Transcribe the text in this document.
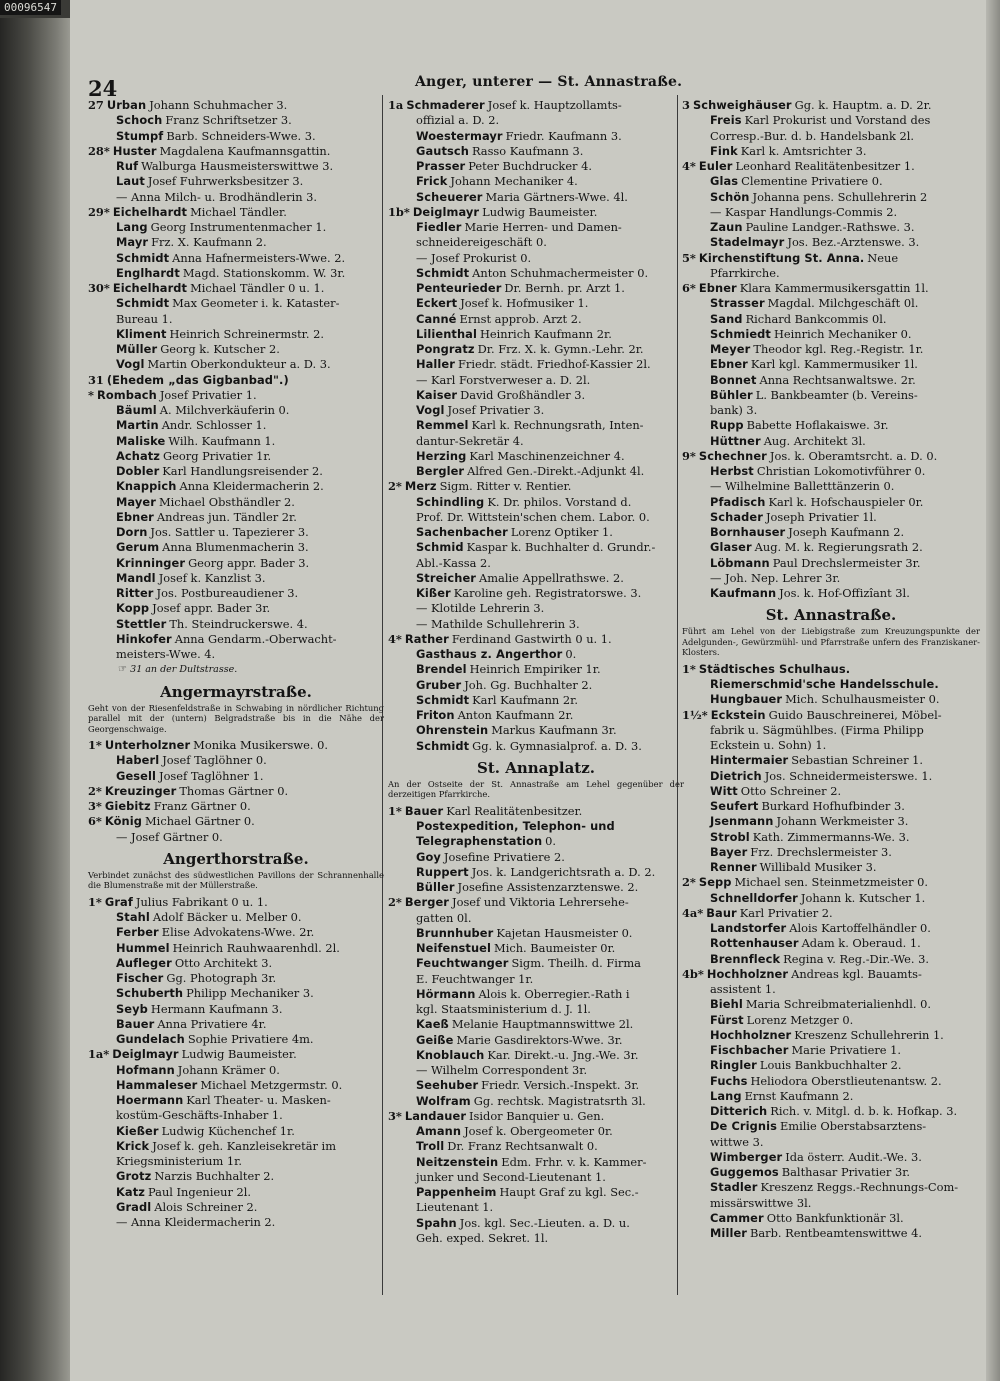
00096547
24	Anger, unterer — St. Annastraße.
27 Urban Johann Schuhmacher 3.
Schoch Franz Schriftsetzer 3.
Stumpf Barb. Schneiders-Wwe. 3.
28* Huster Magdalena Kaufmannsgattin.
Ruf Walburga Hausmeisterswittwe 3.
Laut Josef Fuhrwerksbesitzer 3.
— Anna Milch- u. Brodhändlerin 3.
29* Eichelhardt Michael Tändler.
Lang Georg Instrumentenmacher 1.
Mayr Frz. X. Kaufmann 2.
Schmidt Anna Hafnermeisters-Wwe. 2.
Englhardt Magd. Stationskomm. W. 3r.
30* Eichelhardt Michael Tändler 0 u. 1.
Schmidt Max Geometer i. k. Kataster-
Bureau 1.
Kliment Heinrich Schreinermstr. 2.
Müller Georg k. Kutscher 2.
Vogl Martin Oberkondukteur a. D. 3.
31 (Ehedem „das Gigbanbad".)
* Rombach Josef Privatier 1.
Bäuml A. Milchverkäuferin 0.
Martin Andr. Schlosser 1.
Maliske Wilh. Kaufmann 1.
Achatz Georg Privatier 1r.
Dobler Karl Handlungsreisender 2.
Knappich Anna Kleidermacherin 2.
Mayer Michael Obsthändler 2.
Ebner Andreas jun. Tändler 2r.
Dorn Jos. Sattler u. Tapezierer 3.
Gerum Anna Blumenmacherin 3.
Krinninger Georg appr. Bader 3.
Mandl Josef k. Kanzlist 3.
Ritter Jos. Postbureaudiener 3.
Kopp Josef appr. Bader 3r.
Stettler Th. Steindruckerswe. 4.
Hinkofer Anna Gendarm.-Oberwacht-
meisters-Wwe. 4.
☞ 31 an der Dultstrasse.
Angermayrstraße.
Geht von der Riesenfeldstraße in Schwabing in nördlicher Richtung parallel mit der (untern) Belgradstraße bis in die Nähe der Georgenschwaige.
1* Unterholzner Monika Musikerswe. 0.
Haberl Josef Taglöhner 0.
Gesell Josef Taglöhner 1.
2* Kreuzinger Thomas Gärtner 0.
3* Giebitz Franz Gärtner 0.
6* König Michael Gärtner 0.
— Josef Gärtner 0.
Angerthorstraße.
Verbindet zunächst des südwestlichen Pavillons der Schrannenhalle die Blumenstraße mit der Müllerstraße.
1* Graf Julius Fabrikant 0 u. 1.
Stahl Adolf Bäcker u. Melber 0.
Ferber Elise Advokatens-Wwe. 2r.
Hummel Heinrich Rauhwaarenhdl. 2l.
Aufleger Otto Architekt 3.
Fischer Gg. Photograph 3r.
Schuberth Philipp Mechaniker 3.
Seyb Hermann Kaufmann 3.
Bauer Anna Privatiere 4r.
Gundelach Sophie Privatiere 4m.
1a* Deiglmayr Ludwig Baumeister.
Hofmann Johann Krämer 0.
Hammaleser Michael Metzgermstr. 0.
Hoermann Karl Theater- u. Masken-
kostüm-Geschäfts-Inhaber 1.
Kießer Ludwig Küchenchef 1r.
Krick Josef k. geh. Kanzleisekretär im
Kriegsministerium 1r.
Grotz Narzis Buchhalter 2.
Katz Paul Ingenieur 2l.
Gradl Alois Schreiner 2.
— Anna Kleidermacherin 2.
1a Schmaderer Josef k. Hauptzollamts-
offizial a. D. 2.
Woestermayr Friedr. Kaufmann 3.
Gautsch Rasso Kaufmann 3.
Prasser Peter Buchdrucker 4.
Frick Johann Mechaniker 4.
Scheuerer Maria Gärtners-Wwe. 4l.
1b* Deiglmayr Ludwig Baumeister.
Fiedler Marie Herren- und Damen-
schneidereigeschäft 0.
— Josef Prokurist 0.
Schmidt Anton Schuhmachermeister 0.
Penteurieder Dr. Bernh. pr. Arzt 1.
Eckert Josef k. Hofmusiker 1.
Canné Ernst approb. Arzt 2.
Lilienthal Heinrich Kaufmann 2r.
Pongratz Dr. Frz. X. k. Gymn.-Lehr. 2r.
Haller Friedr. städt. Friedhof-Kassier 2l.
— Karl Forstverweser a. D. 2l.
Kaiser David Großhändler 3.
Vogl Josef Privatier 3.
Remmel Karl k. Rechnungsrath, Inten-
dantur-Sekretär 4.
Herzing Karl Maschinenzeichner 4.
Bergler Alfred Gen.-Direkt.-Adjunkt 4l.
2* Merz Sigm. Ritter v. Rentier.
Schindling K. Dr. philos. Vorstand d.
Prof. Dr. Wittstein'schen chem. Labor. 0.
Sachenbacher Lorenz Optiker 1.
Schmid Kaspar k. Buchhalter d. Grundr.-
Abl.-Kassa 2.
Streicher Amalie Appellrathswe. 2.
Kißer Karoline geh. Registratorswe. 3.
— Klotilde Lehrerin 3.
— Mathilde Schullehrerin 3.
4* Rather Ferdinand Gastwirth 0 u. 1.
Gasthaus z. Angerthor 0.
Brendel Heinrich Empiriker 1r.
Gruber Joh. Gg. Buchhalter 2.
Schmidt Karl Kaufmann 2r.
Friton Anton Kaufmann 2r.
Ohrenstein Markus Kaufmann 3r.
Schmidt Gg. k. Gymnasialprof. a. D. 3.
St. Annaplatz.
An der Ostseite der St. Annastraße am Lehel gegenüber der derzeitigen Pfarrkirche.
1* Bauer Karl Realitätenbesitzer.
Postexpedition, Telephon- und
Telegraphenstation 0.
Goy Josefine Privatiere 2.
Ruppert Jos. k. Landgerichtsrath a. D. 2.
Büller Josefine Assistenzarztenswe. 2.
2* Berger Josef und Viktoria Lehrersehe-
gatten 0l.
Brunnhuber Kajetan Hausmeister 0.
Neifenstuel Mich. Baumeister 0r.
Feuchtwanger Sigm. Theilh. d. Firma
E. Feuchtwanger 1r.
Hörmann Alois k. Oberregier.-Rath i
kgl. Staatsministerium d. J. 1l.
Kaeß Melanie Hauptmannswittwe 2l.
Geiße Marie Gasdirektors-Wwe. 3r.
Knoblauch Kar. Direkt.-u. Jng.-We. 3r.
— Wilhelm Correspondent 3r.
Seehuber Friedr. Versich.-Inspekt. 3r.
Wolfram Gg. rechtsk. Magistratsrth 3l.
3* Landauer Isidor Banquier u. Gen.
Amann Josef k. Obergeometer 0r.
Troll Dr. Franz Rechtsanwalt 0.
Neitzenstein Edm. Frhr. v. k. Kammer-
junker und Second-Lieutenant 1.
Pappenheim Haupt Graf zu kgl. Sec.-
Lieutenant 1.
Spahn Jos. kgl. Sec.-Lieuten. a. D. u.
Geh. exped. Sekret. 1l.
3 Schweighäuser Gg. k. Hauptm. a. D. 2r.
Freis Karl Prokurist und Vorstand des
Corresp.-Bur. d. b. Handelsbank 2l.
Fink Karl k. Amtsrichter 3.
4* Euler Leonhard Realitätenbesitzer 1.
Glas Clementine Privatiere 0.
Schön Johanna pens. Schullehrerin 2
— Kaspar Handlungs-Commis 2.
Zaun Pauline Landger.-Rathswe. 3.
Stadelmayr Jos. Bez.-Arztenswe. 3.
5* Kirchenstiftung St. Anna. Neue
Pfarrkirche.
6* Ebner Klara Kammermusikersgattin 1l.
Strasser Magdal. Milchgeschäft 0l.
Sand Richard Bankcommis 0l.
Schmiedt Heinrich Mechaniker 0.
Meyer Theodor kgl. Reg.-Registr. 1r.
Ebner Karl kgl. Kammermusiker 1l.
Bonnet Anna Rechtsanwaltswe. 2r.
Bühler L. Bankbeamter (b. Vereins-
bank) 3.
Rupp Babette Hoflakaiswe. 3r.
Hüttner Aug. Architekt 3l.
9* Schechner Jos. k. Oberamtsrcht. a. D. 0.
Herbst Christian Lokomotivführer 0.
— Wilhelmine Balletttänzerin 0.
Pfadisch Karl k. Hofschauspieler 0r.
Schader Joseph Privatier 1l.
Bornhauser Joseph Kaufmann 2.
Glaser Aug. M. k. Regierungsrath 2.
Löbmann Paul Drechslermeister 3r.
— Joh. Nep. Lehrer 3r.
Kaufmann Jos. k. Hof-Offizîant 3l.
St. Annastraße.
Führt am Lehel von der Liebigstraße zum Kreuzungspunkte der Adelgunden-, Gewürzmühl- und Pfarrstraße unfern des Franziskaner-Klosters.
1* Städtisches Schulhaus.
Riemerschmid'sche Handelsschule.
Hungbauer Mich. Schulhausmeister 0.
1½* Eckstein Guido Bauschreinerei, Möbel-
fabrik u. Sägmühlbes. (Firma Philipp
Eckstein u. Sohn) 1.
Hintermaier Sebastian Schreiner 1.
Dietrich Jos. Schneidermeisterswe. 1.
Witt Otto Schreiner 2.
Seufert Burkard Hofhufbinder 3.
Jsenmann Johann Werkmeister 3.
Strobl Kath. Zimmermanns-We. 3.
Bayer Frz. Drechslermeister 3.
Renner Willibald Musiker 3.
2* Sepp Michael sen. Steinmetzmeister 0.
Schnelldorfer Johann k. Kutscher 1.
4a* Baur Karl Privatier 2.
Landstorfer Alois Kartoffelhändler 0.
Rottenhauser Adam k. Oberaud. 1.
Brennfleck Regina v. Reg.-Dir.-We. 3.
4b* Hochholzner Andreas kgl. Bauamts-
assistent 1.
Biehl Maria Schreibmaterialienhdl. 0.
Fürst Lorenz Metzger 0.
Hochholzner Kreszenz Schullehrerin 1.
Fischbacher Marie Privatiere 1.
Ringler Louis Bankbuchhalter 2.
Fuchs Heliodora Oberstlieutenantsw. 2.
Lang Ernst Kaufmann 2.
Ditterich Rich. v. Mitgl. d. b. k. Hofkap. 3.
De Crignis Emilie Oberstabsarztens-
wittwe 3.
Wimberger Ida österr. Audit.-We. 3.
Guggemos Balthasar Privatier 3r.
Stadler Kreszenz Reggs.-Rechnungs-Com-
missärswittwe 3l.
Cammer Otto Bankfunktionär 3l.
Miller Barb. Rentbeamtenswittwe 4.
